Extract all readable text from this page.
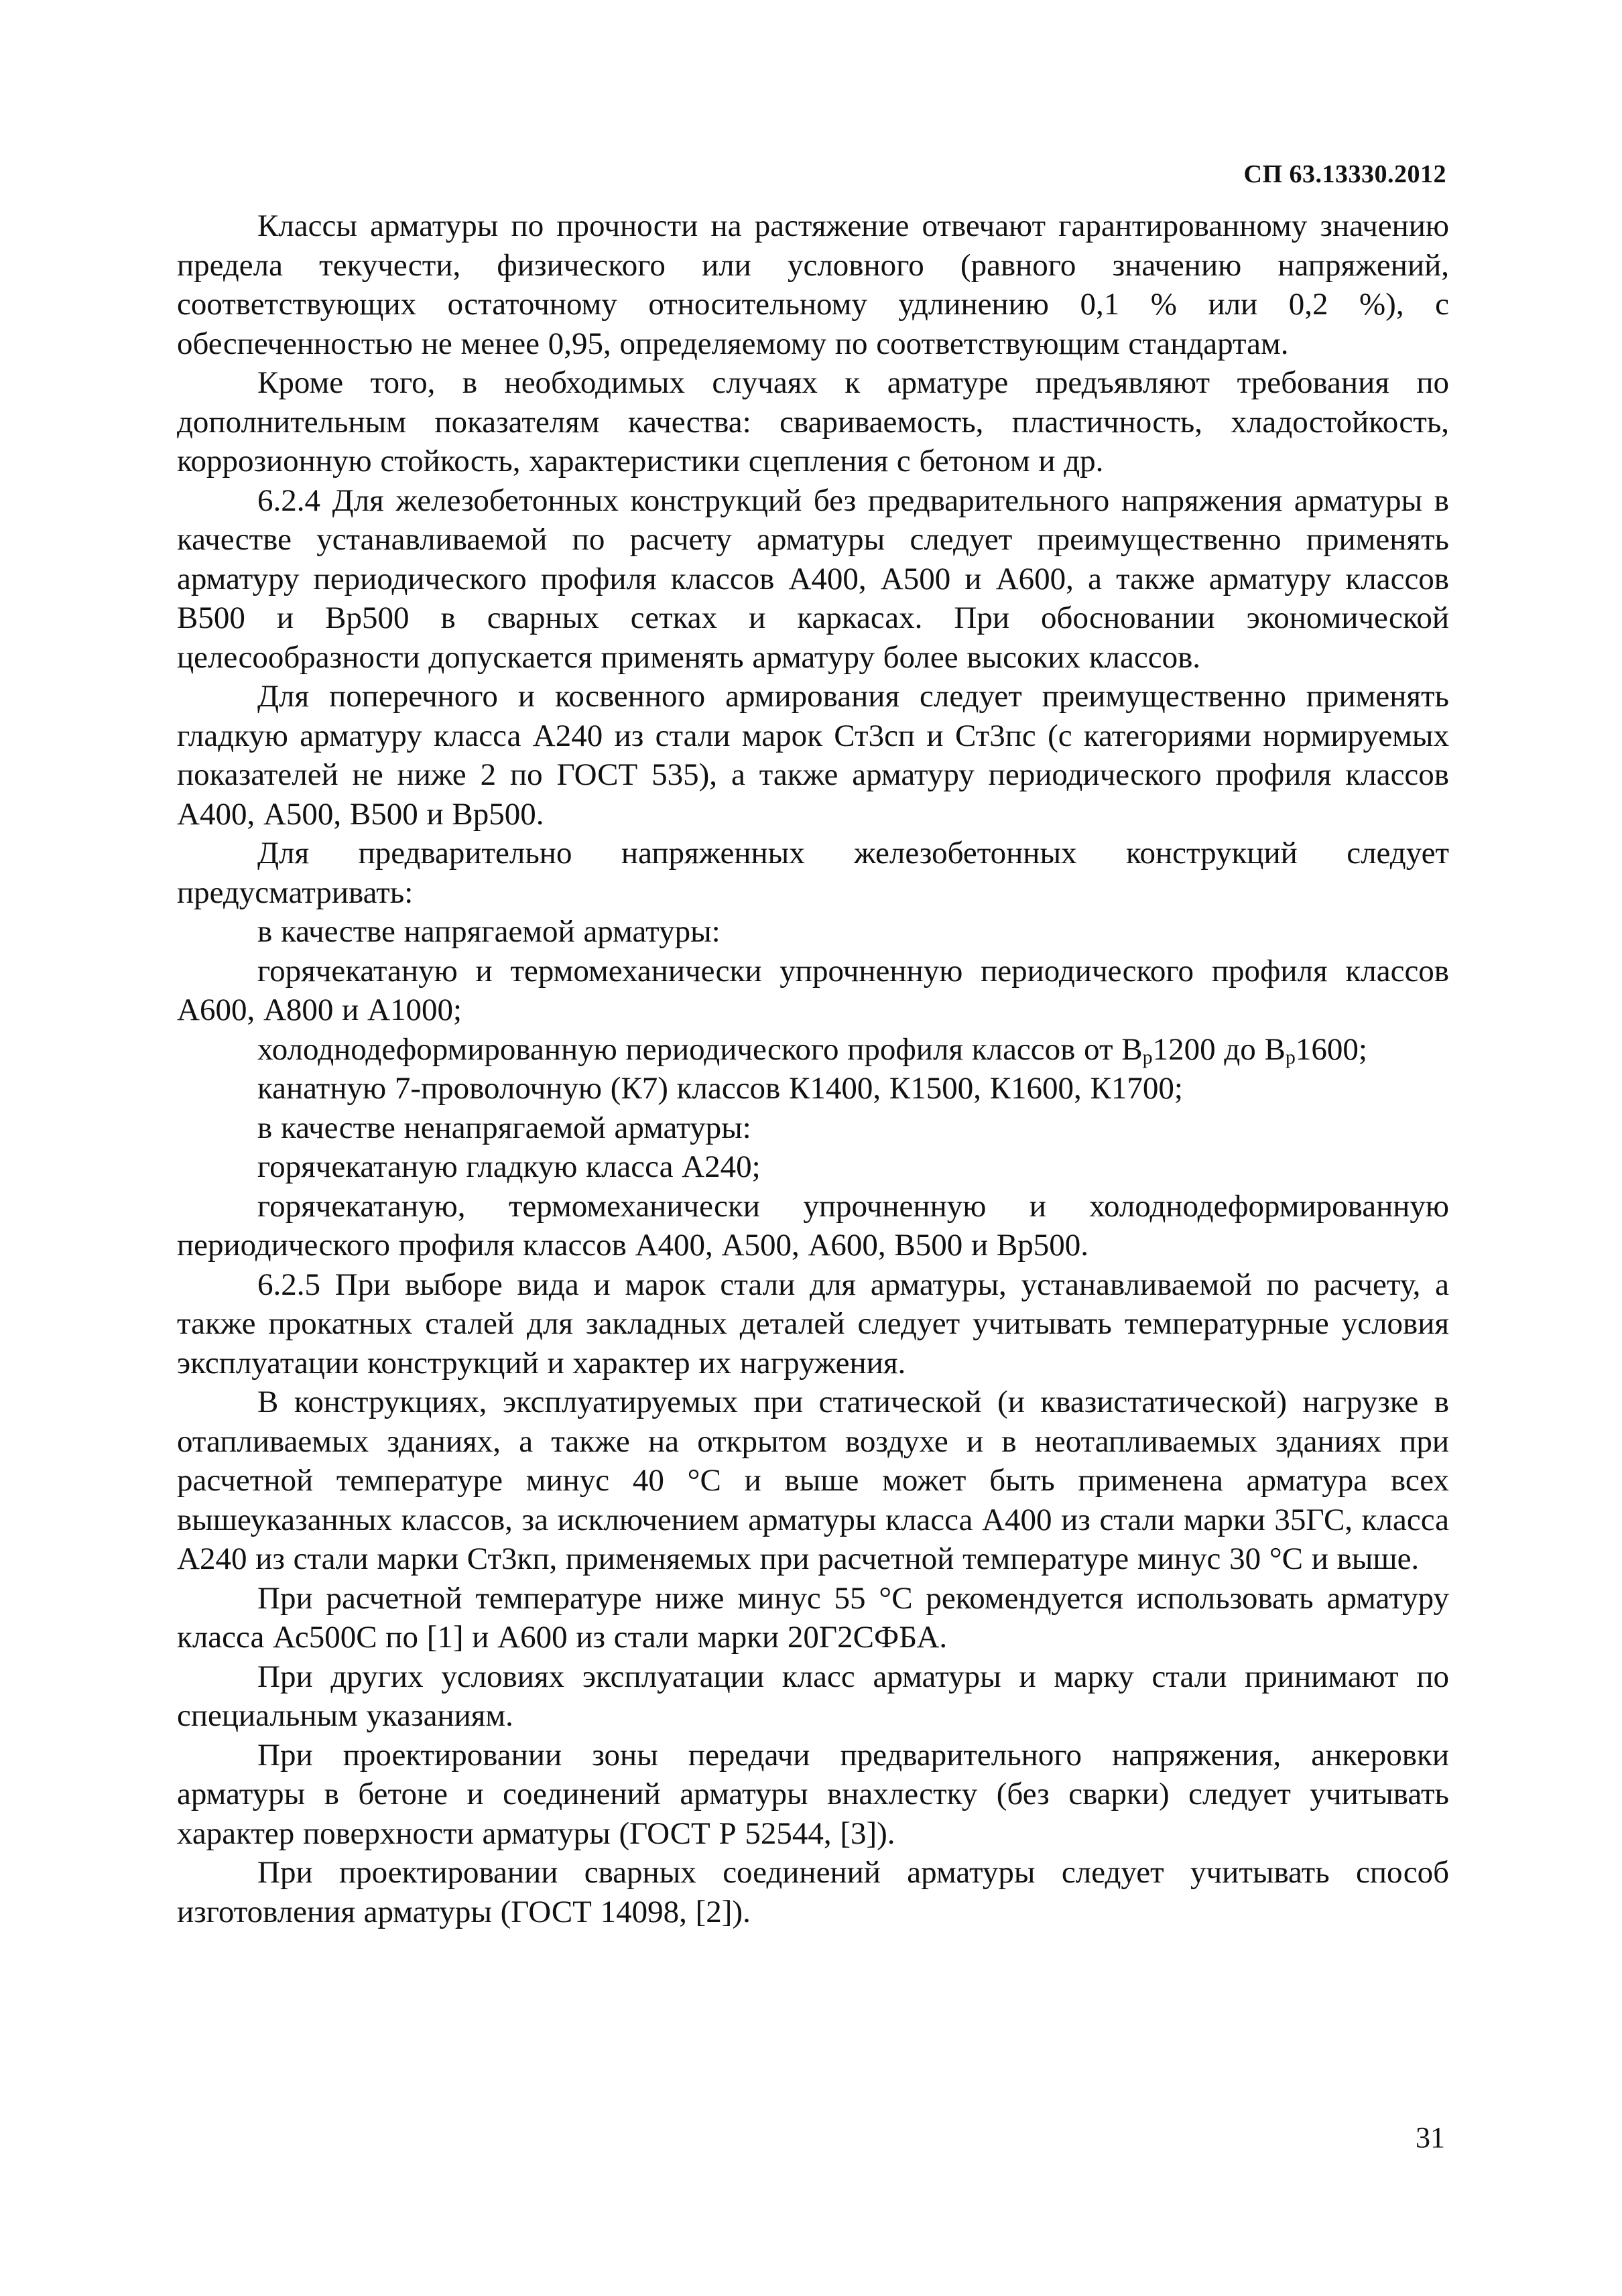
СП 63.13330.2012

Классы арматуры по прочности на растяжение отвечают гарантированному значению предела текучести, физического или условного (равного значению напряжений, соответствующих остаточному относительному удлинению 0,1 % или 0,2 %), с обеспеченностью не менее 0,95, определяемому по соответствующим стандартам.

Кроме того, в необходимых случаях к арматуре предъявляют требования по дополнительным показателям качества: свариваемость, пластичность, хладостойкость, коррозионную стойкость, характеристики сцепления с бетоном и др.

6.2.4 Для железобетонных конструкций без предварительного напряжения арматуры в качестве устанавливаемой по расчету арматуры следует преимущественно применять арматуру периодического профиля классов А400, А500 и А600, а также арматуру классов В500 и Вр500 в сварных сетках и каркасах. При обосновании экономической целесообразности допускается применять арматуру более высоких классов.

Для поперечного и косвенного армирования следует преимущественно применять гладкую арматуру класса А240 из стали марок Ст3сп и Ст3пс (с категориями нормируемых показателей не ниже 2 по ГОСТ 535), а также арматуру периодического профиля классов А400, А500, В500 и Вр500.

Для предварительно напряженных железобетонных конструкций следует предусматривать:

в качестве напрягаемой арматуры:

горячекатаную и термомеханически упрочненную периодического профиля классов А600, А800 и А1000;

холоднодеформированную периодического профиля классов от $В_р1200$ до $В_р1600$;

канатную 7-проволочную (К7) классов К1400, К1500, К1600, К1700;

в качестве ненапрягаемой арматуры:

горячекатаную гладкую класса А240;

горячекатаную, термомеханически упрочненную и холоднодеформированную периодического профиля классов А400, А500, А600, В500 и Вр500.

6.2.5 При выборе вида и марок стали для арматуры, устанавливаемой по расчету, а также прокатных сталей для закладных деталей следует учитывать температурные условия эксплуатации конструкций и характер их нагружения.

В конструкциях, эксплуатируемых при статической (и квазистатической) нагрузке в отапливаемых зданиях, а также на открытом воздухе и в неотапливаемых зданиях при расчетной температуре минус 40 °С и выше может быть применена арматура всех вышеуказанных классов, за исключением арматуры класса А400 из стали марки 35ГС, класса А240 из стали марки Ст3кп, применяемых при расчетной температуре минус 30 °С и выше.

При расчетной температуре ниже минус 55 °С рекомендуется использовать арматуру класса Ас500С по [1] и А600 из стали марки 20Г2СФБА.

При других условиях эксплуатации класс арматуры и марку стали принимают по специальным указаниям.

При проектировании зоны передачи предварительного напряжения, анкеровки арматуры в бетоне и соединений арматуры внахлестку (без сварки) следует учитывать характер поверхности арматуры (ГОСТ Р 52544, [3]).

При проектировании сварных соединений арматуры следует учитывать способ изготовления арматуры (ГОСТ 14098, [2]).

31
